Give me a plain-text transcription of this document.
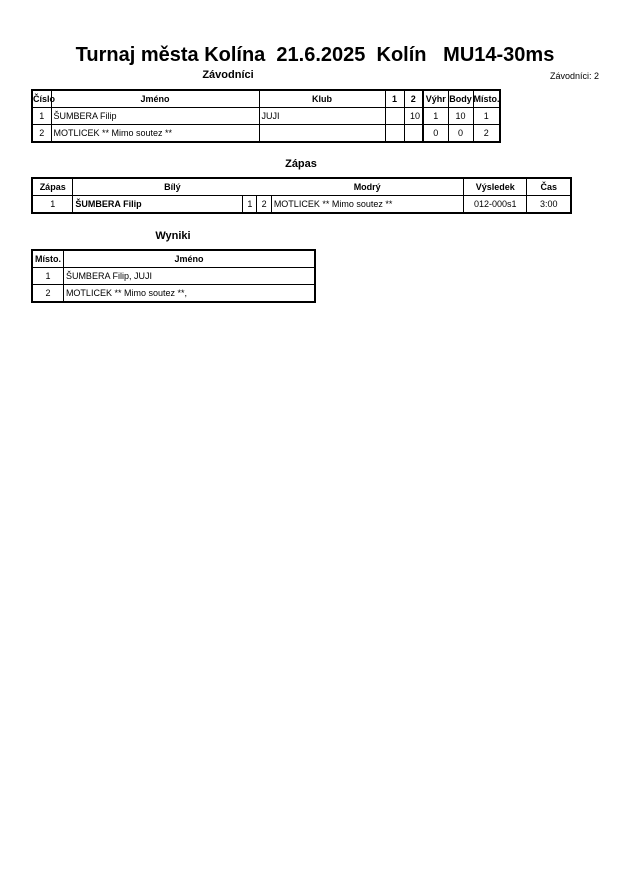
Turnaj města Kolína  21.6.2025  Kolín   MU14-30ms
Závodníci	Závodníci: 2
Číslo	Jméno	Klub	1	2	Výhr	Body	Místo.
1	ŠUMBERA Filip	JUJI		10	1	10	1
2	MOTLICEK ** Mimo soutez **				0	0	2
Zápas
Zápas	Bílý			Modrý	Výsledek	Čas
1	ŠUMBERA Filip	1	2	MOTLICEK ** Mimo soutez **	012-000s1	3:00
Wyniki
Místo.	Jméno
1	ŠUMBERA Filip, JUJI
2	MOTLICEK ** Mimo soutez **,
